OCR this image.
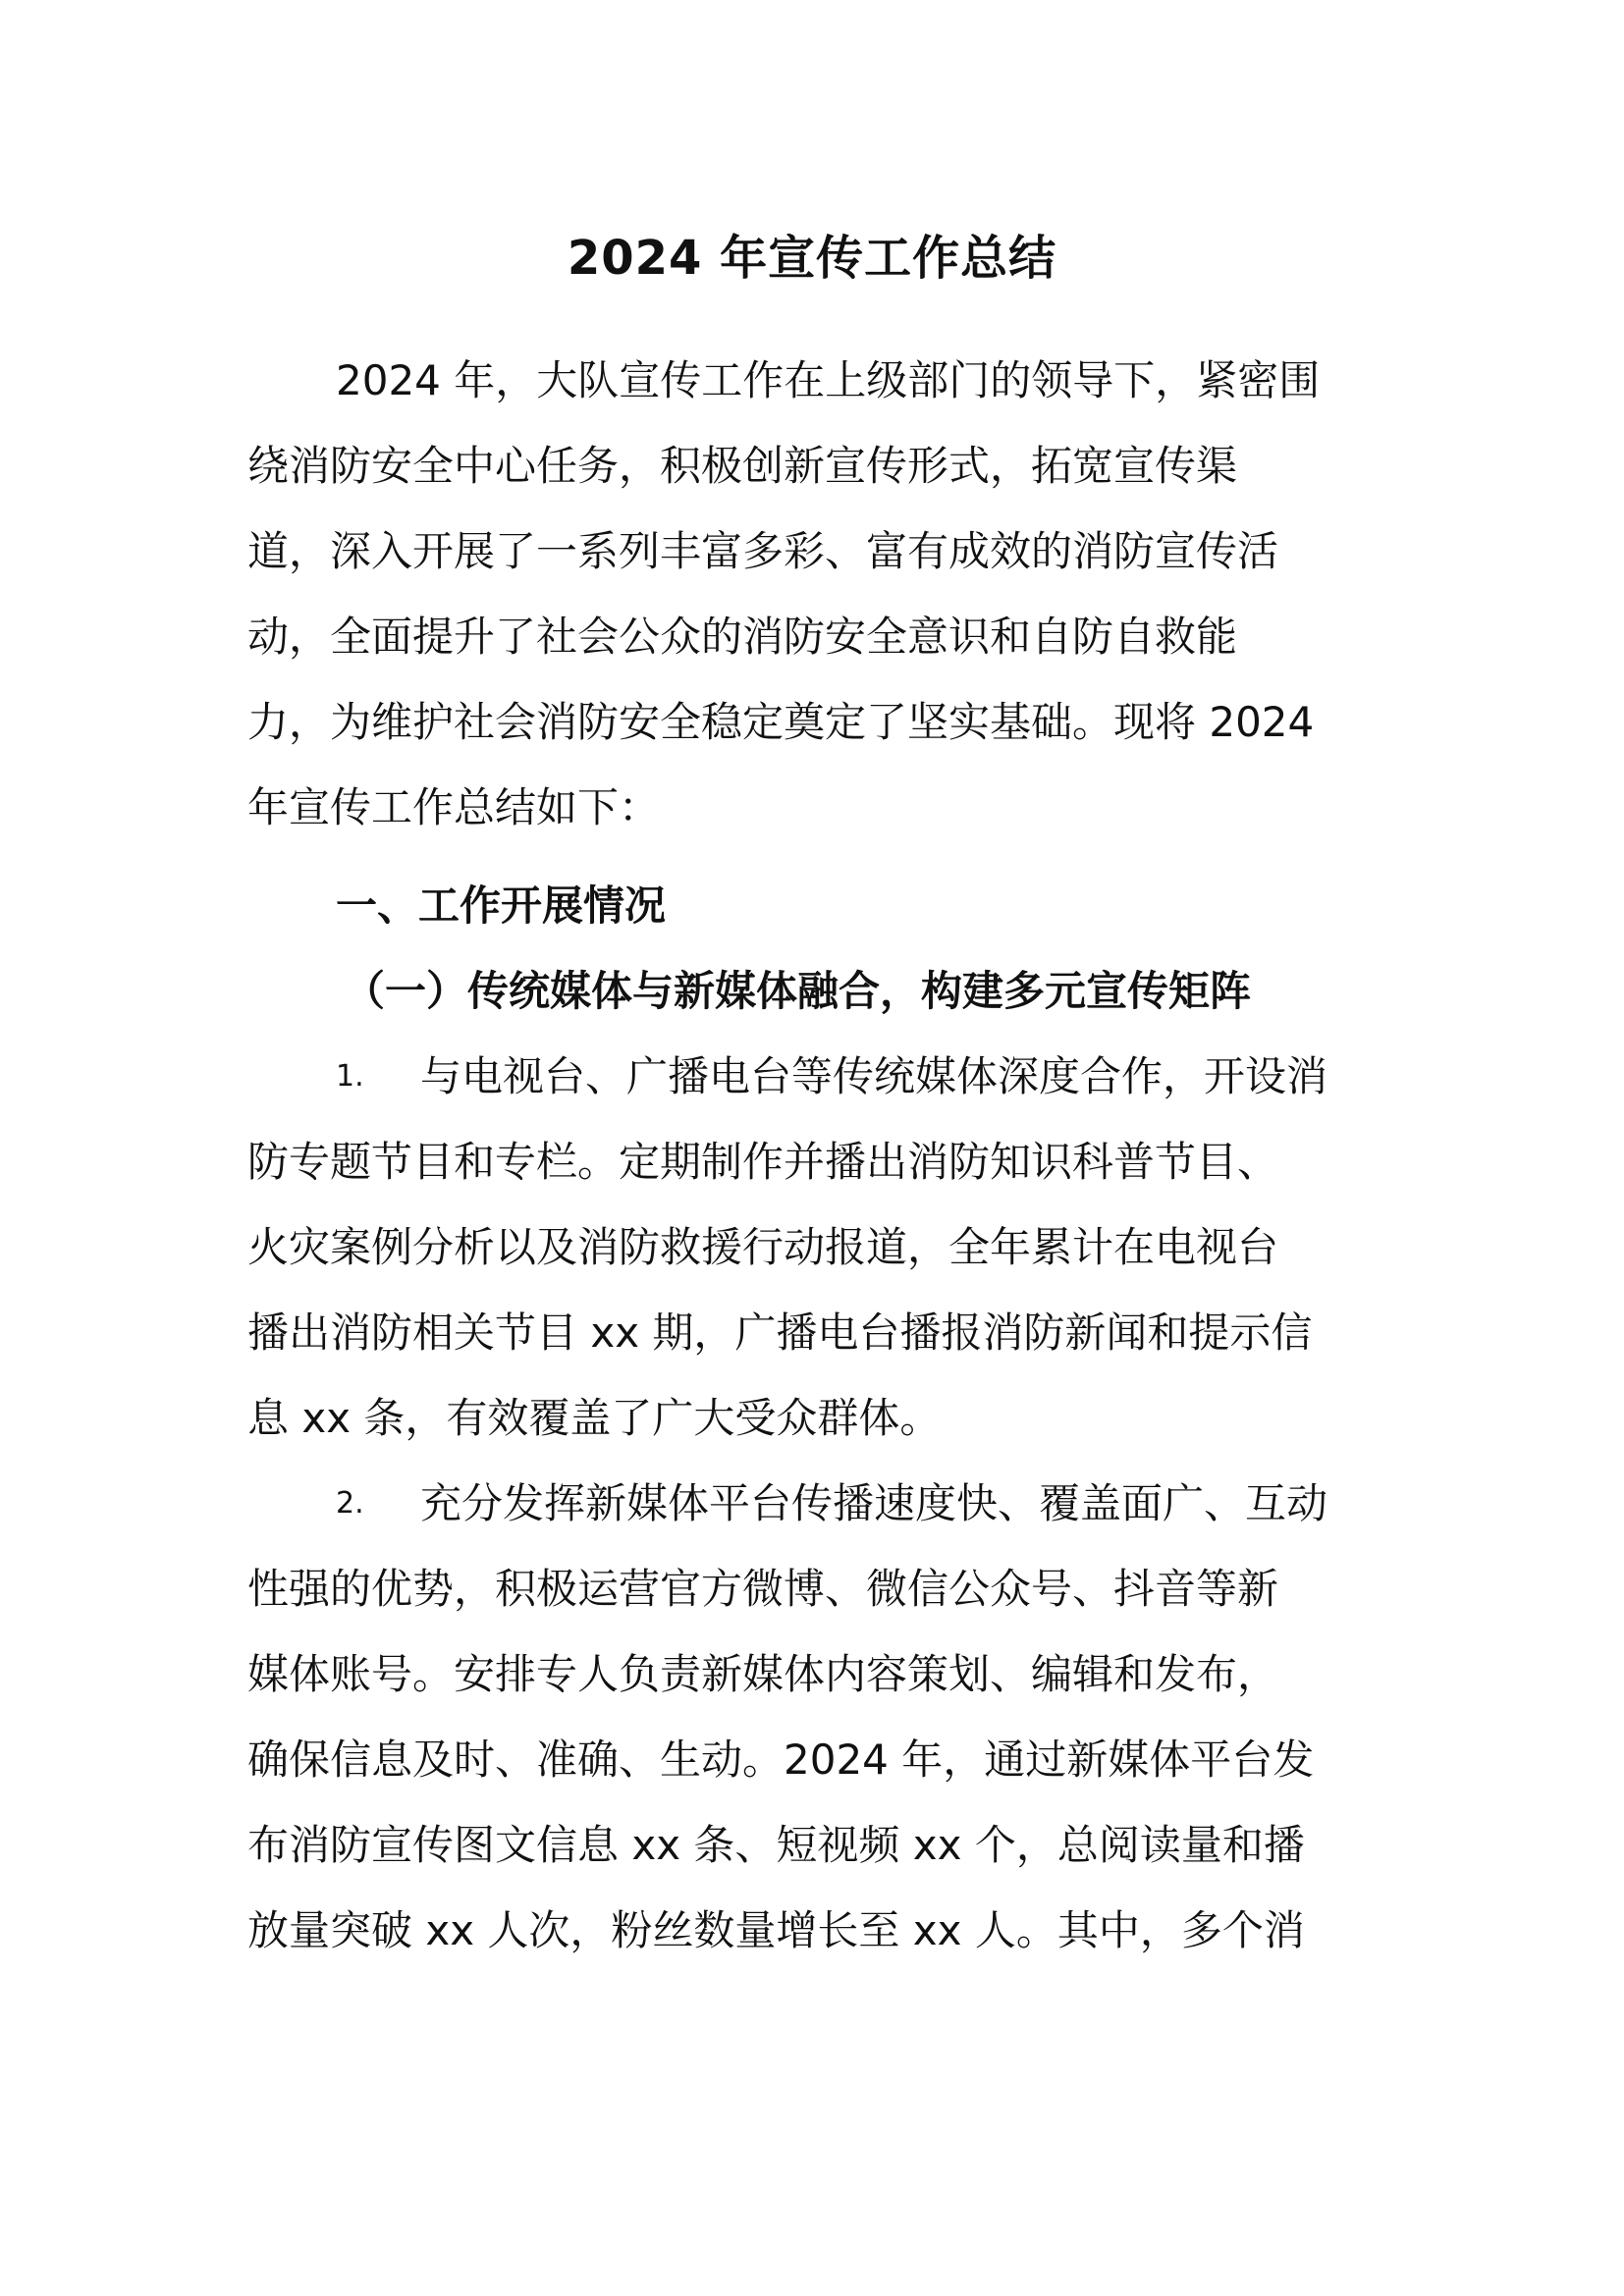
2024 年宣传工作总结
2024 年，大队宣传工作在上级部门的领导下，紧密围
绕消防安全中心任务，积极创新宣传形式，拓宽宣传渠
道，深入开展了一系列丰富多彩、富有成效的消防宣传活
动，全面提升了社会公众的消防安全意识和自防自救能
力，为维护社会消防安全稳定奠定了坚实基础。现将 2024
年宣传工作总结如下：
一、工作开展情况
（一）传统媒体与新媒体融合，构建多元宣传矩阵
1. 与电视台、广播电台等传统媒体深度合作，开设消
防专题节目和专栏。定期制作并播出消防知识科普节目、
火灾案例分析以及消防救援行动报道，全年累计在电视台
播出消防相关节目 xx 期，广播电台播报消防新闻和提示信
息 xx 条，有效覆盖了广大受众群体。
2. 充分发挥新媒体平台传播速度快、覆盖面广、互动
性强的优势，积极运营官方微博、微信公众号、抖音等新
媒体账号。安排专人负责新媒体内容策划、编辑和发布，
确保信息及时、准确、生动。2024 年，通过新媒体平台发
布消防宣传图文信息 xx 条、短视频 xx 个，总阅读量和播
放量突破 xx 人次，粉丝数量增长至 xx 人。其中，多个消
